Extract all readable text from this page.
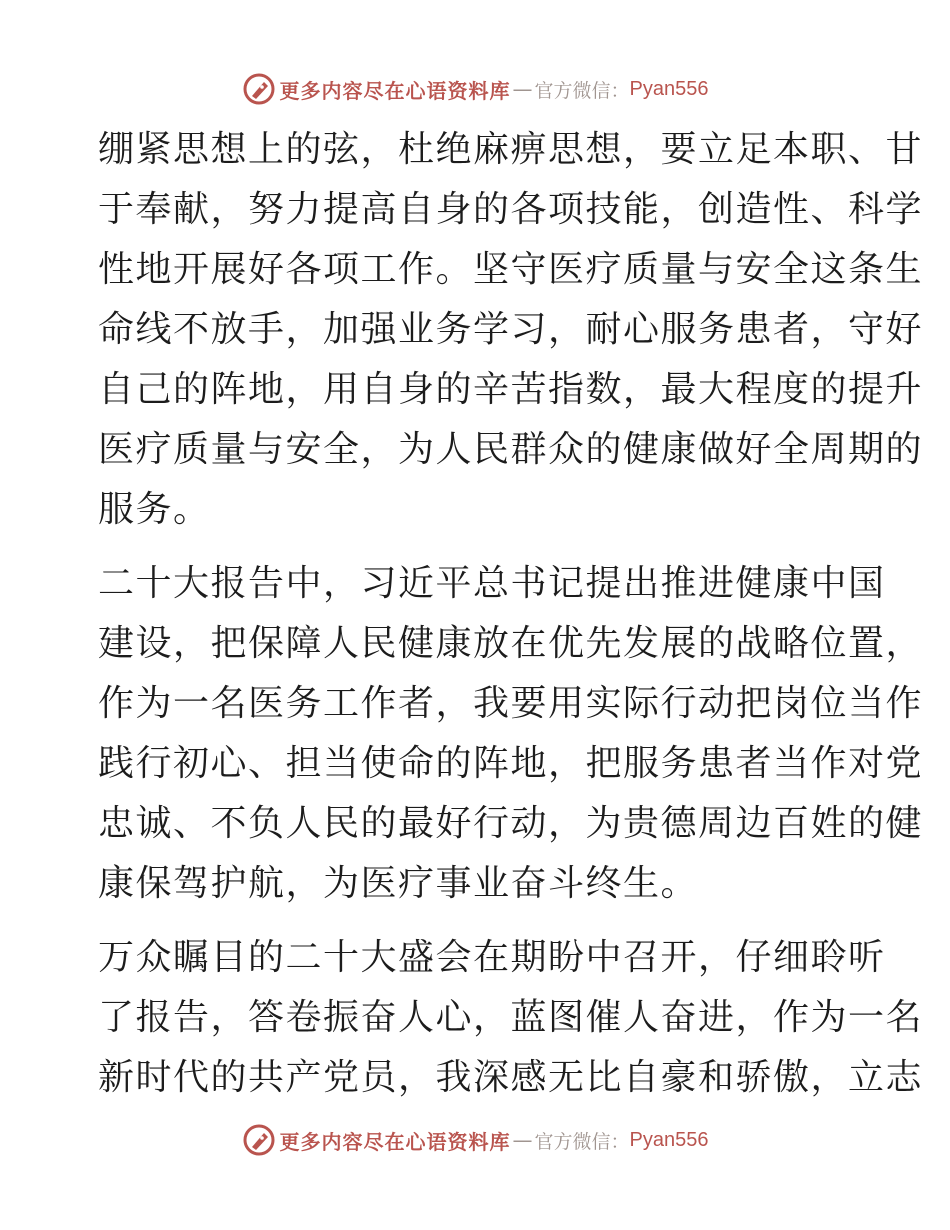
更多内容尽在心语资料库 — 官方微信： Pyan556
绷紧思想上的弦，杜绝麻痹思想，要立足本职、甘
于奉献，努力提高自身的各项技能，创造性、科学
性地开展好各项工作。坚守医疗质量与安全这条生
命线不放手，加强业务学习，耐心服务患者，守好
自己的阵地，用自身的辛苦指数，最大程度的提升
医疗质量与安全，为人民群众的健康做好全周期的
服务。
二十大报告中，习近平总书记提出推进健康中国
建设，把保障人民健康放在优先发展的战略位置，
作为一名医务工作者，我要用实际行动把岗位当作
践行初心、担当使命的阵地，把服务患者当作对党
忠诚、不负人民的最好行动，为贵德周边百姓的健
康保驾护航，为医疗事业奋斗终生。
万众瞩目的二十大盛会在期盼中召开，仔细聆听
了报告，答卷振奋人心，蓝图催人奋进，作为一名
新时代的共产党员，我深感无比自豪和骄傲，立志
更多内容尽在心语资料库 — 官方微信： Pyan556
